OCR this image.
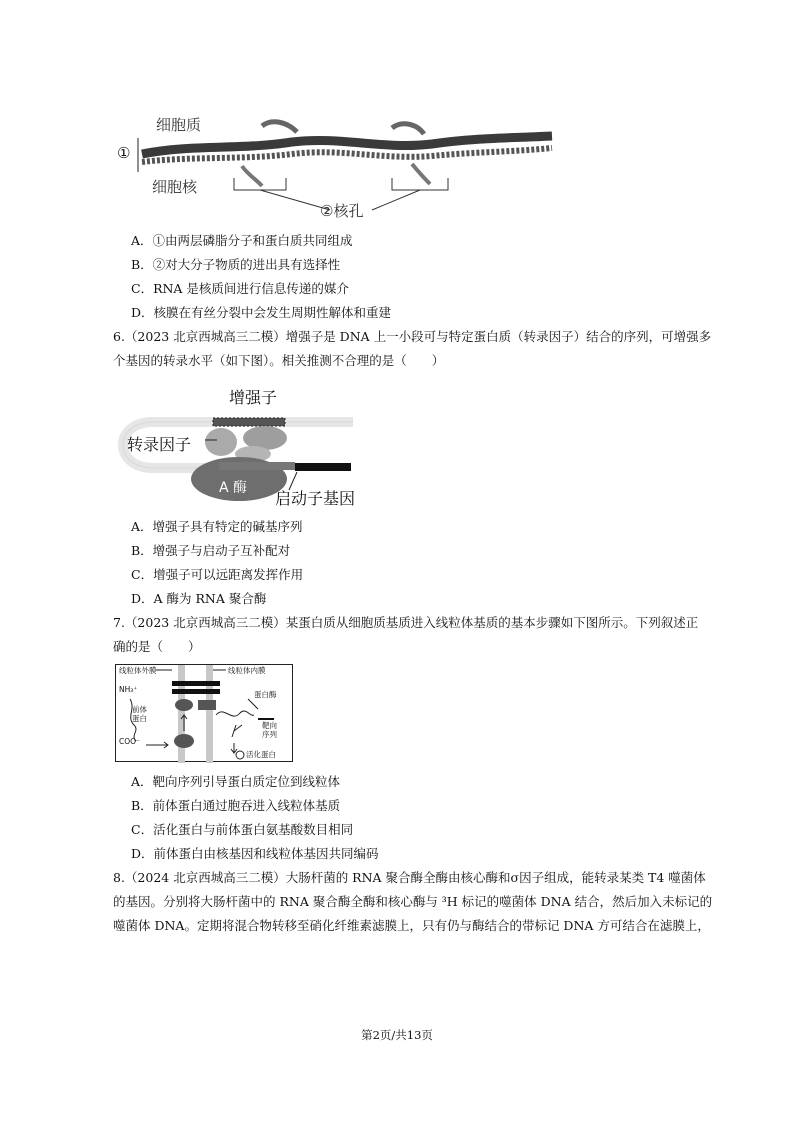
①
细胞质
细胞核
②核孔
A．①由两层磷脂分子和蛋白质共同组成
B．②对大分子物质的进出具有选择性
C．RNA 是核质间进行信息传递的媒介
D．核膜在有丝分裂中会发生周期性解体和重建
6.（2023 北京西城高三二模）增强子是 DNA 上一小段可与特定蛋白质（转录因子）结合的序列，可增强多
个基因的转录水平（如下图）。相关推测不合理的是（　　）
增强子
转录因子
A 酶
启动子基因
A．增强子具有特定的碱基序列
B．增强子与启动子互补配对
C．增强子可以远距离发挥作用
D．A 酶为 RNA 聚合酶
7.（2023 北京西城高三二模）某蛋白质从细胞质基质进入线粒体基质的基本步骤如下图所示。下列叙述正
确的是（　　）
线粒体外膜	线粒体内膜
NH₃⁺
前体蛋白
COO⁻
蛋白酶
靶向序列
活化蛋白
A．靶向序列引导蛋白质定位到线粒体
B．前体蛋白通过胞吞进入线粒体基质
C．活化蛋白与前体蛋白氨基酸数目相同
D．前体蛋白由核基因和线粒体基因共同编码
8.（2024 北京西城高三二模）大肠杆菌的 RNA 聚合酶全酶由核心酶和σ因子组成，能转录某类 T4 噬菌体
的基因。分别将大肠杆菌中的 RNA 聚合酶全酶和核心酶与 ³H 标记的噬菌体 DNA 结合，然后加入未标记的
噬菌体 DNA。定期将混合物转移至硝化纤维素滤膜上，只有仍与酶结合的带标记 DNA 方可结合在滤膜上，
第2页/共13页
